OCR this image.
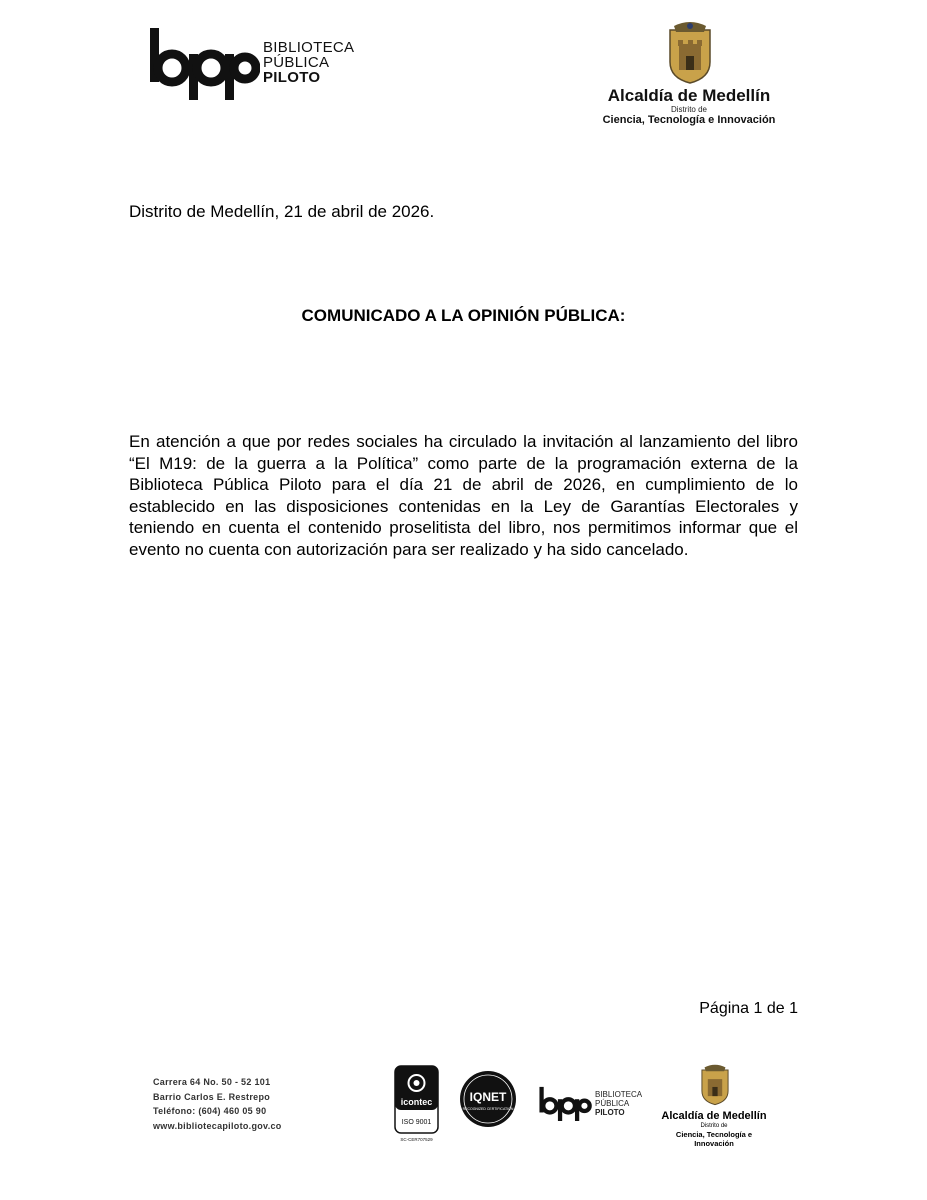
BIBLIOTECA
PÚBLICA
PILOTO
Alcaldía de Medellín
Distrito de
Ciencia, Tecnología e Innovación
Distrito de Medellín, 21 de abril de 2026.
COMUNICADO A LA OPINIÓN PÚBLICA:
En atención a que por redes sociales ha circulado la invitación al lanzamiento del libro “El M19: de la guerra a la Política” como parte de la programación externa de la Biblioteca Pública Piloto para el día 21 de abril de 2026, en cumplimiento de lo establecido en las disposiciones contenidas en la Ley de Garantías Electorales y teniendo en cuenta el contenido proselitista del libro, nos permitimos informar que el evento no cuenta con autorización para ser realizado y ha sido cancelado.
Página 1 de 1
Carrera 64 No. 50 - 52 101
Barrio Carlos E. Restrepo
Teléfono: (604) 460 05 90
www.bibliotecapiloto.gov.co
icontec
ISO 9001
SC-CER707529
IQNET
RECOGNIZED CERTIFICATION
BIBLIOTECA
PÚBLICA
PILOTO	Alcaldía de Medellín
Distrito de
Ciencia, Tecnología e Innovación
